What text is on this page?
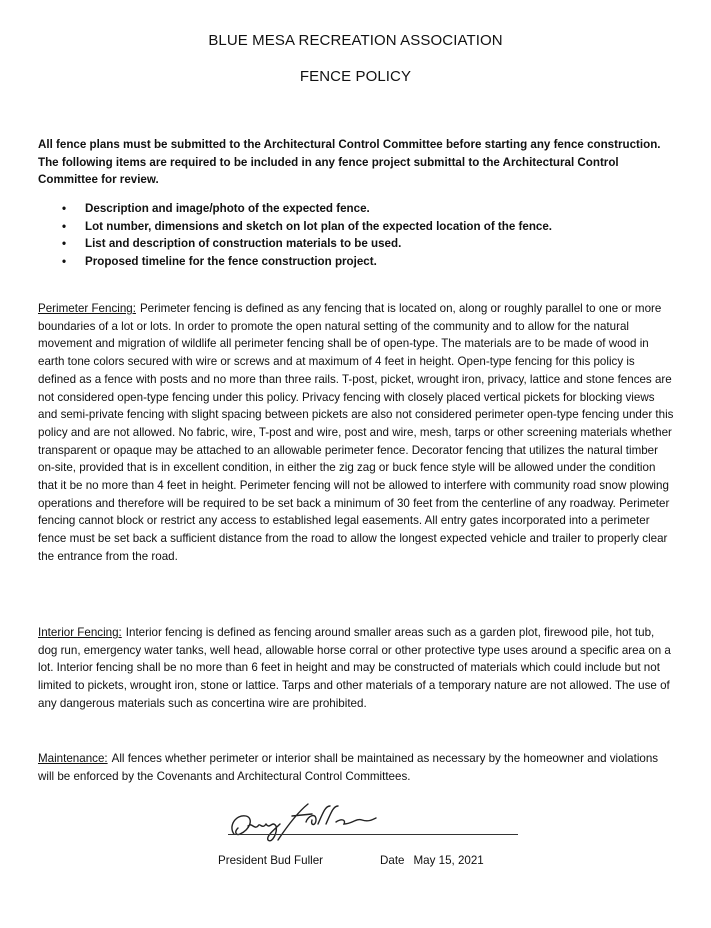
BLUE MESA RECREATION ASSOCIATION
FENCE POLICY
All fence plans must be submitted to the Architectural Control Committee before starting any fence construction. The following items are required to be included in any fence project submittal to the Architectural Control Committee for review.
• Description and image/photo of the expected fence.
• Lot number, dimensions and sketch on lot plan of the expected location of the fence.
• List and description of construction materials to be used.
• Proposed timeline for the fence construction project.
Perimeter Fencing: Perimeter fencing is defined as any fencing that is located on, along or roughly parallel to one or more boundaries of a lot or lots. In order to promote the open natural setting of the community and to allow for the natural movement and migration of wildlife all perimeter fencing shall be of open-type. The materials are to be made of wood in earth tone colors secured with wire or screws and at maximum of 4 feet in height. Open-type fencing for this policy is defined as a fence with posts and no more than three rails. T-post, picket, wrought iron, privacy, lattice and stone fences are not considered open-type fencing under this policy. Privacy fencing with closely placed vertical pickets for blocking views and semi-private fencing with slight spacing between pickets are also not considered perimeter open-type fencing under this policy and are not allowed. No fabric, wire, T-post and wire, post and wire, mesh, tarps or other screening materials whether transparent or opaque may be attached to an allowable perimeter fence. Decorator fencing that utilizes the natural timber on-site, provided that is in excellent condition, in either the zig zag or buck fence style will be allowed under the condition that it be no more than 4 feet in height. Perimeter fencing will not be allowed to interfere with community road snow plowing operations and therefore will be required to be set back a minimum of 30 feet from the centerline of any roadway. Perimeter fencing cannot block or restrict any access to established legal easements. All entry gates incorporated into a perimeter fence must be set back a sufficient distance from the road to allow the longest expected vehicle and trailer to properly clear the entrance from the road.
Interior Fencing: Interior fencing is defined as fencing around smaller areas such as a garden plot, firewood pile, hot tub, dog run, emergency water tanks, well head, allowable horse corral or other protective type uses around a specific area on a lot. Interior fencing shall be no more than 6 feet in height and may be constructed of materials which could include but not limited to pickets, wrought iron, stone or lattice. Tarps and other materials of a temporary nature are not allowed. The use of any dangerous materials such as concertina wire are prohibited.
Maintenance: All fences whether perimeter or interior shall be maintained as necessary by the homeowner and violations will be enforced by the Covenants and Architectural Control Committees.
President Bud Fuller	Date May 15, 2021
